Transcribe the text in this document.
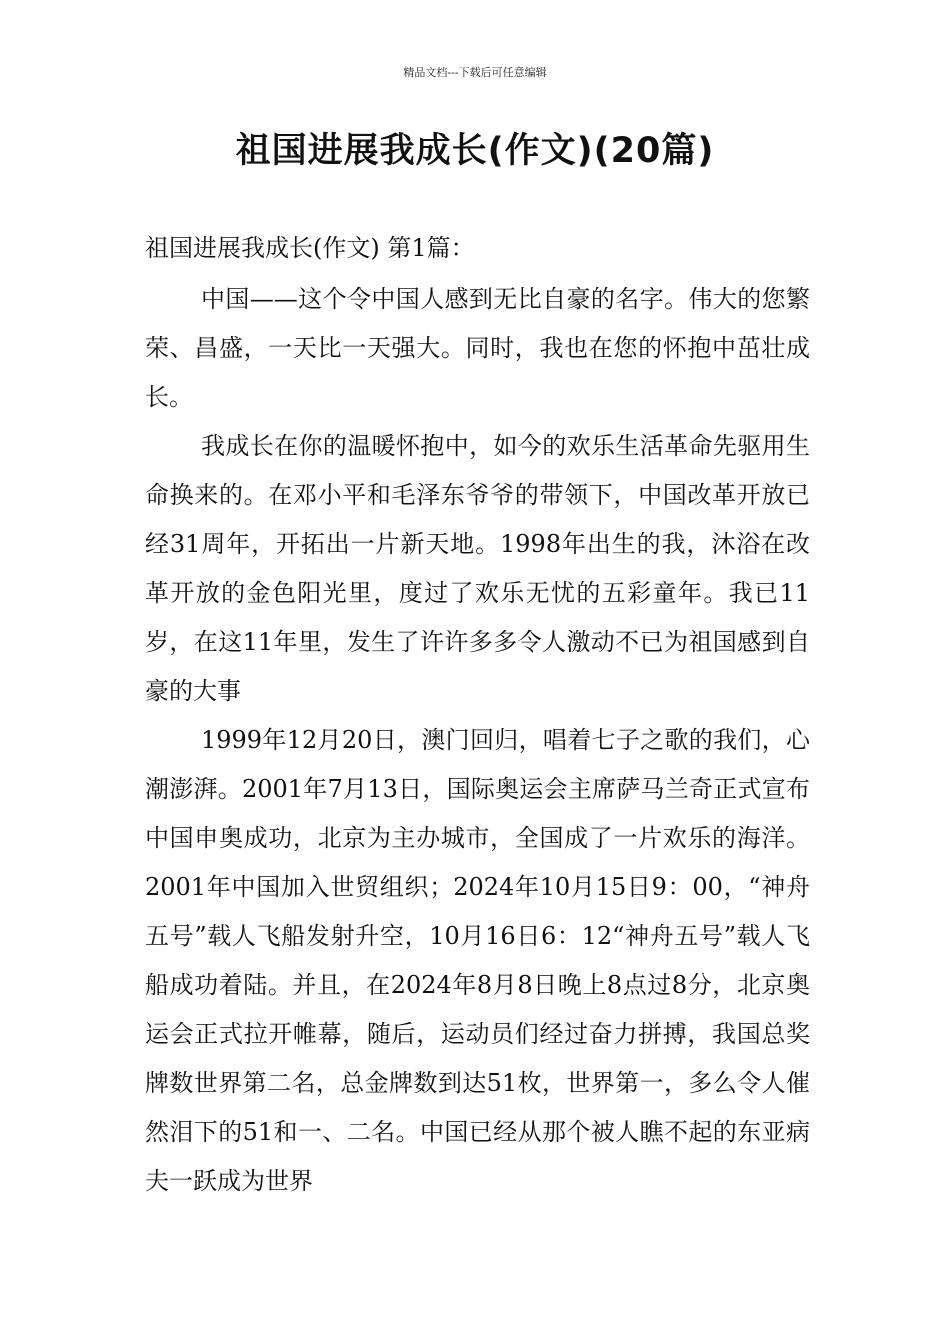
精品文档---下载后可任意编辑
祖国进展我成长(作文)(20篇)
祖国进展我成长(作文) 第1篇：

中国——这个令中国人感到无比自豪的名字。伟大的您繁荣、昌盛，一天比一天强大。同时，我也在您的怀抱中茁壮成长。

我成长在你的温暖怀抱中，如今的欢乐生活革命先驱用生命换来的。在邓小平和毛泽东爷爷的带领下，中国改革开放已经31周年，开拓出一片新天地。1998年出生的我，沐浴在改革开放的金色阳光里，度过了欢乐无忧的五彩童年。我已11岁，在这11年里，发生了许许多多令人激动不已为祖国感到自豪的大事

1999年12月20日，澳门回归，唱着七子之歌的我们，心潮澎湃。2001年7月13日，国际奥运会主席萨马兰奇正式宣布中国申奥成功，北京为主办城市，全国成了一片欢乐的海洋。2001年中国加入世贸组织；2024年10月15日9：00，“神舟五号”载人飞船发射升空，10月16日6：12“神舟五号”载人飞船成功着陆。并且，在2024年8月8日晚上8点过8分，北京奥运会正式拉开帷幕，随后，运动员们经过奋力拼搏，我国总奖牌数世界第二名，总金牌数到达51枚，世界第一，多么令人催然泪下的51和一、二名。中国已经从那个被人瞧不起的东亚病夫一跃成为世界
